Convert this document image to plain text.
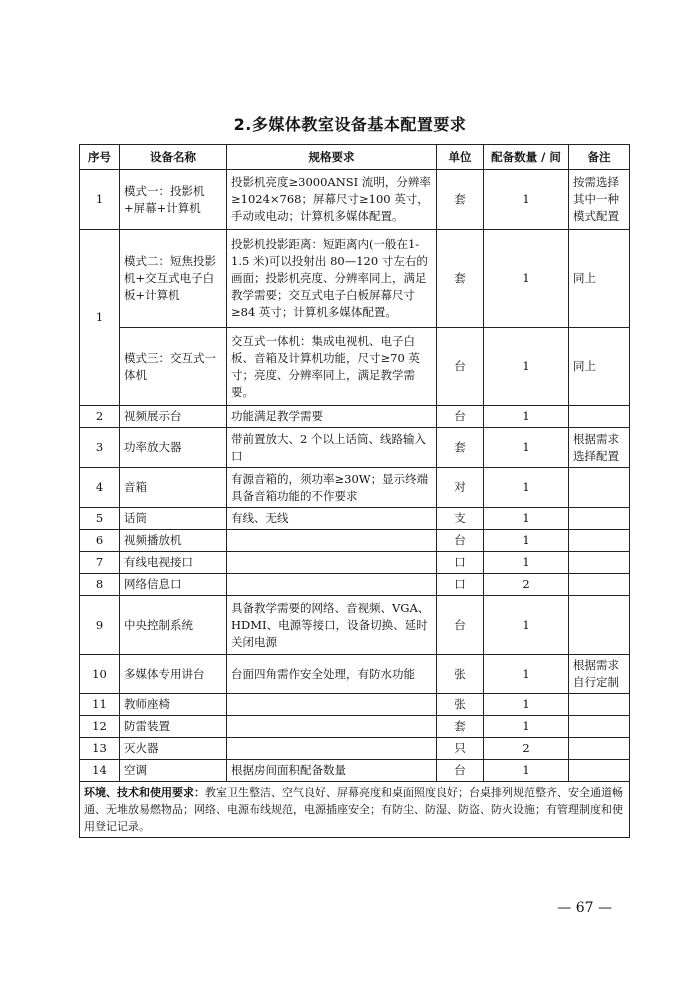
2.多媒体教室设备基本配置要求
序号	设备名称	规格要求	单位	配备数量 / 间	备注
1	模式一：投影机+屏幕+计算机	投影机亮度≥3000ANSI 流明，分辨率≥1024×768；屏幕尺寸≥100 英寸，手动或电动；计算机多媒体配置。	套	1	按需选择其中一种模式配置
1	模式二：短焦投影机+交互式电子白板+计算机	投影机投影距离：短距离内(一般在1-1.5 米)可以投射出 80—120 寸左右的画面；投影机亮度、分辨率同上，满足教学需要；交互式电子白板屏幕尺寸≥84 英寸；计算机多媒体配置。	套	1	同上
	模式三：交互式一体机	交互式一体机：集成电视机、电子白板、音箱及计算机功能，尺寸≥70 英寸；亮度、分辨率同上，满足教学需要。	台	1	同上
2	视频展示台	功能满足教学需要	台	1	
3	功率放大器	带前置放大、2 个以上话筒、线路输入口	套	1	根据需求选择配置
4	音箱	有源音箱的，须功率≥30W；显示终端具备音箱功能的不作要求	对	1	
5	话筒	有线、无线	支	1	
6	视频播放机		台	1	
7	有线电视接口		口	1	
8	网络信息口		口	2	
9	中央控制系统	具备教学需要的网络、音视频、VGA、HDMI、电源等接口，设备切换、延时关闭电源	台	1	
10	多媒体专用讲台	台面四角需作安全处理，有防水功能	张	1	根据需求自行定制
11	教师座椅		张	1	
12	防雷装置		套	1	
13	灭火器		只	2	
14	空调	根据房间面积配备数量	台	1	
环境、技术和使用要求：教室卫生整洁、空气良好、屏幕亮度和桌面照度良好；台桌排列规范整齐、安全通道畅通、无堆放易燃物品；网络、电源布线规范，电源插座安全；有防尘、防湿、防盗、防火设施；有管理制度和使用登记记录。					
— 67 —
